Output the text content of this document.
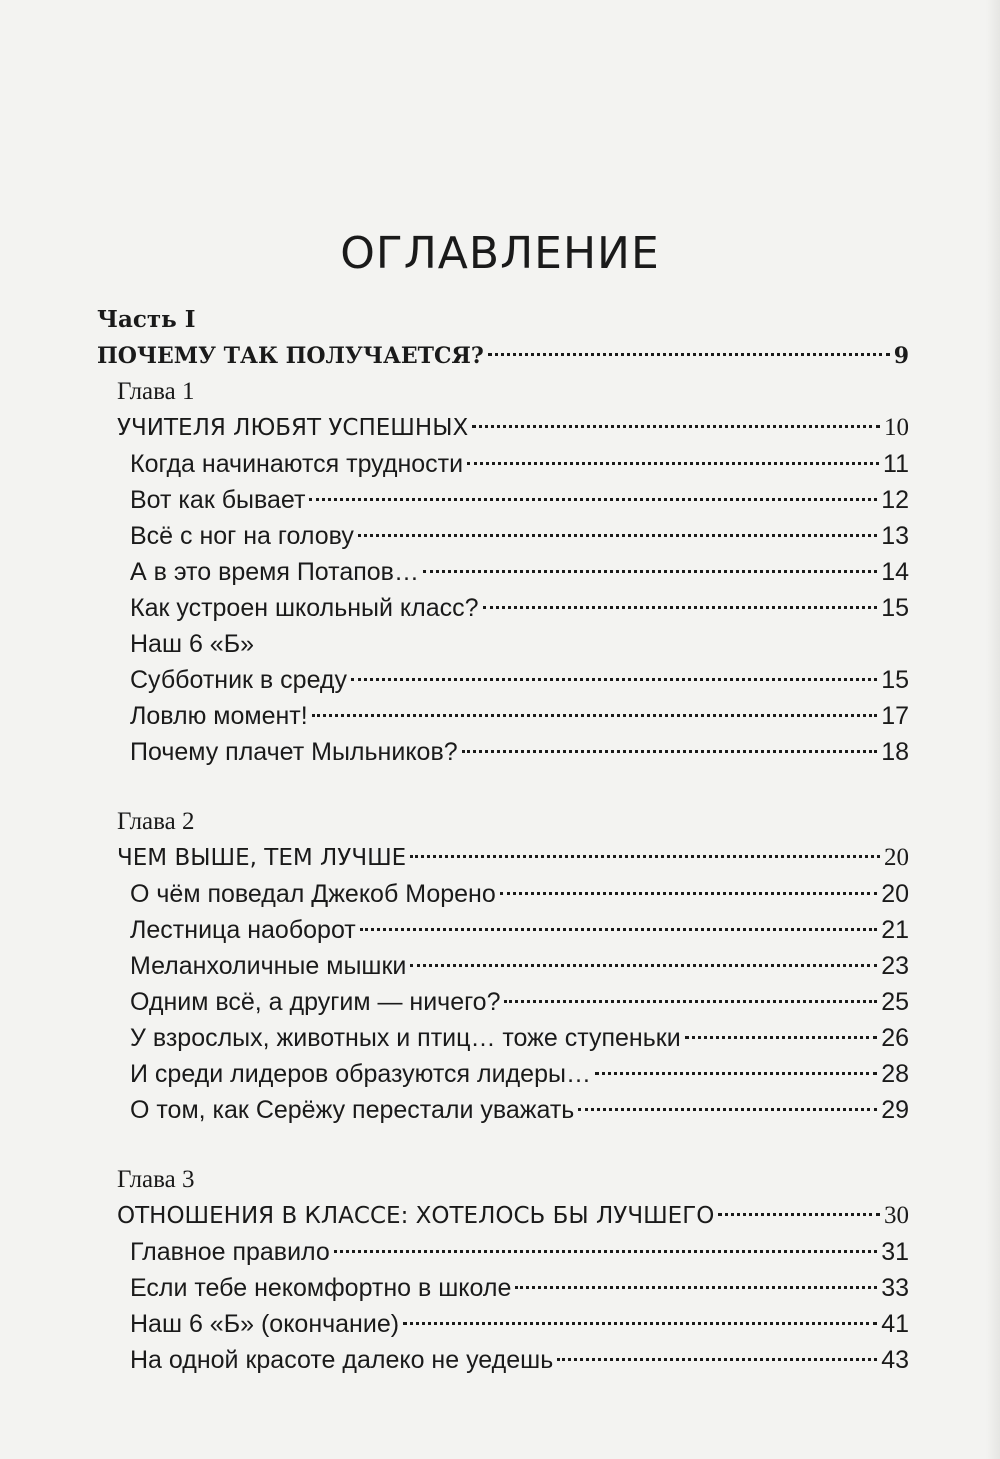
ОГЛАВЛЕНИЕ
Часть I
ПОЧЕМУ ТАК ПОЛУЧАЕТСЯ?	9
Глава 1
УЧИТЕЛЯ ЛЮБЯТ УСПЕШНЫХ	10
Когда начинаются трудности	11
Вот как бывает	12
Всё с ног на голову	13
А в это время Потапов…	14
Как устроен школьный класс?	15
Наш 6 «Б»
Субботник в среду	15
Ловлю момент!	17
Почему плачет Мыльников?	18
Глава 2
ЧЕМ ВЫШЕ, ТЕМ ЛУЧШЕ	20
О чём поведал Джекоб Морено	20
Лестница наоборот	21
Меланхоличные мышки	23
Одним всё, а другим — ничего?	25
У взрослых, животных и птиц… тоже ступеньки	26
И среди лидеров образуются лидеры…	28
О том, как Серёжу перестали уважать	29
Глава 3
ОТНОШЕНИЯ В КЛАССЕ: ХОТЕЛОСЬ БЫ ЛУЧШЕГО	30
Главное правило	31
Если тебе некомфортно в школе	33
Наш 6 «Б» (окончание)	41
На одной красоте далеко не уедешь	43
